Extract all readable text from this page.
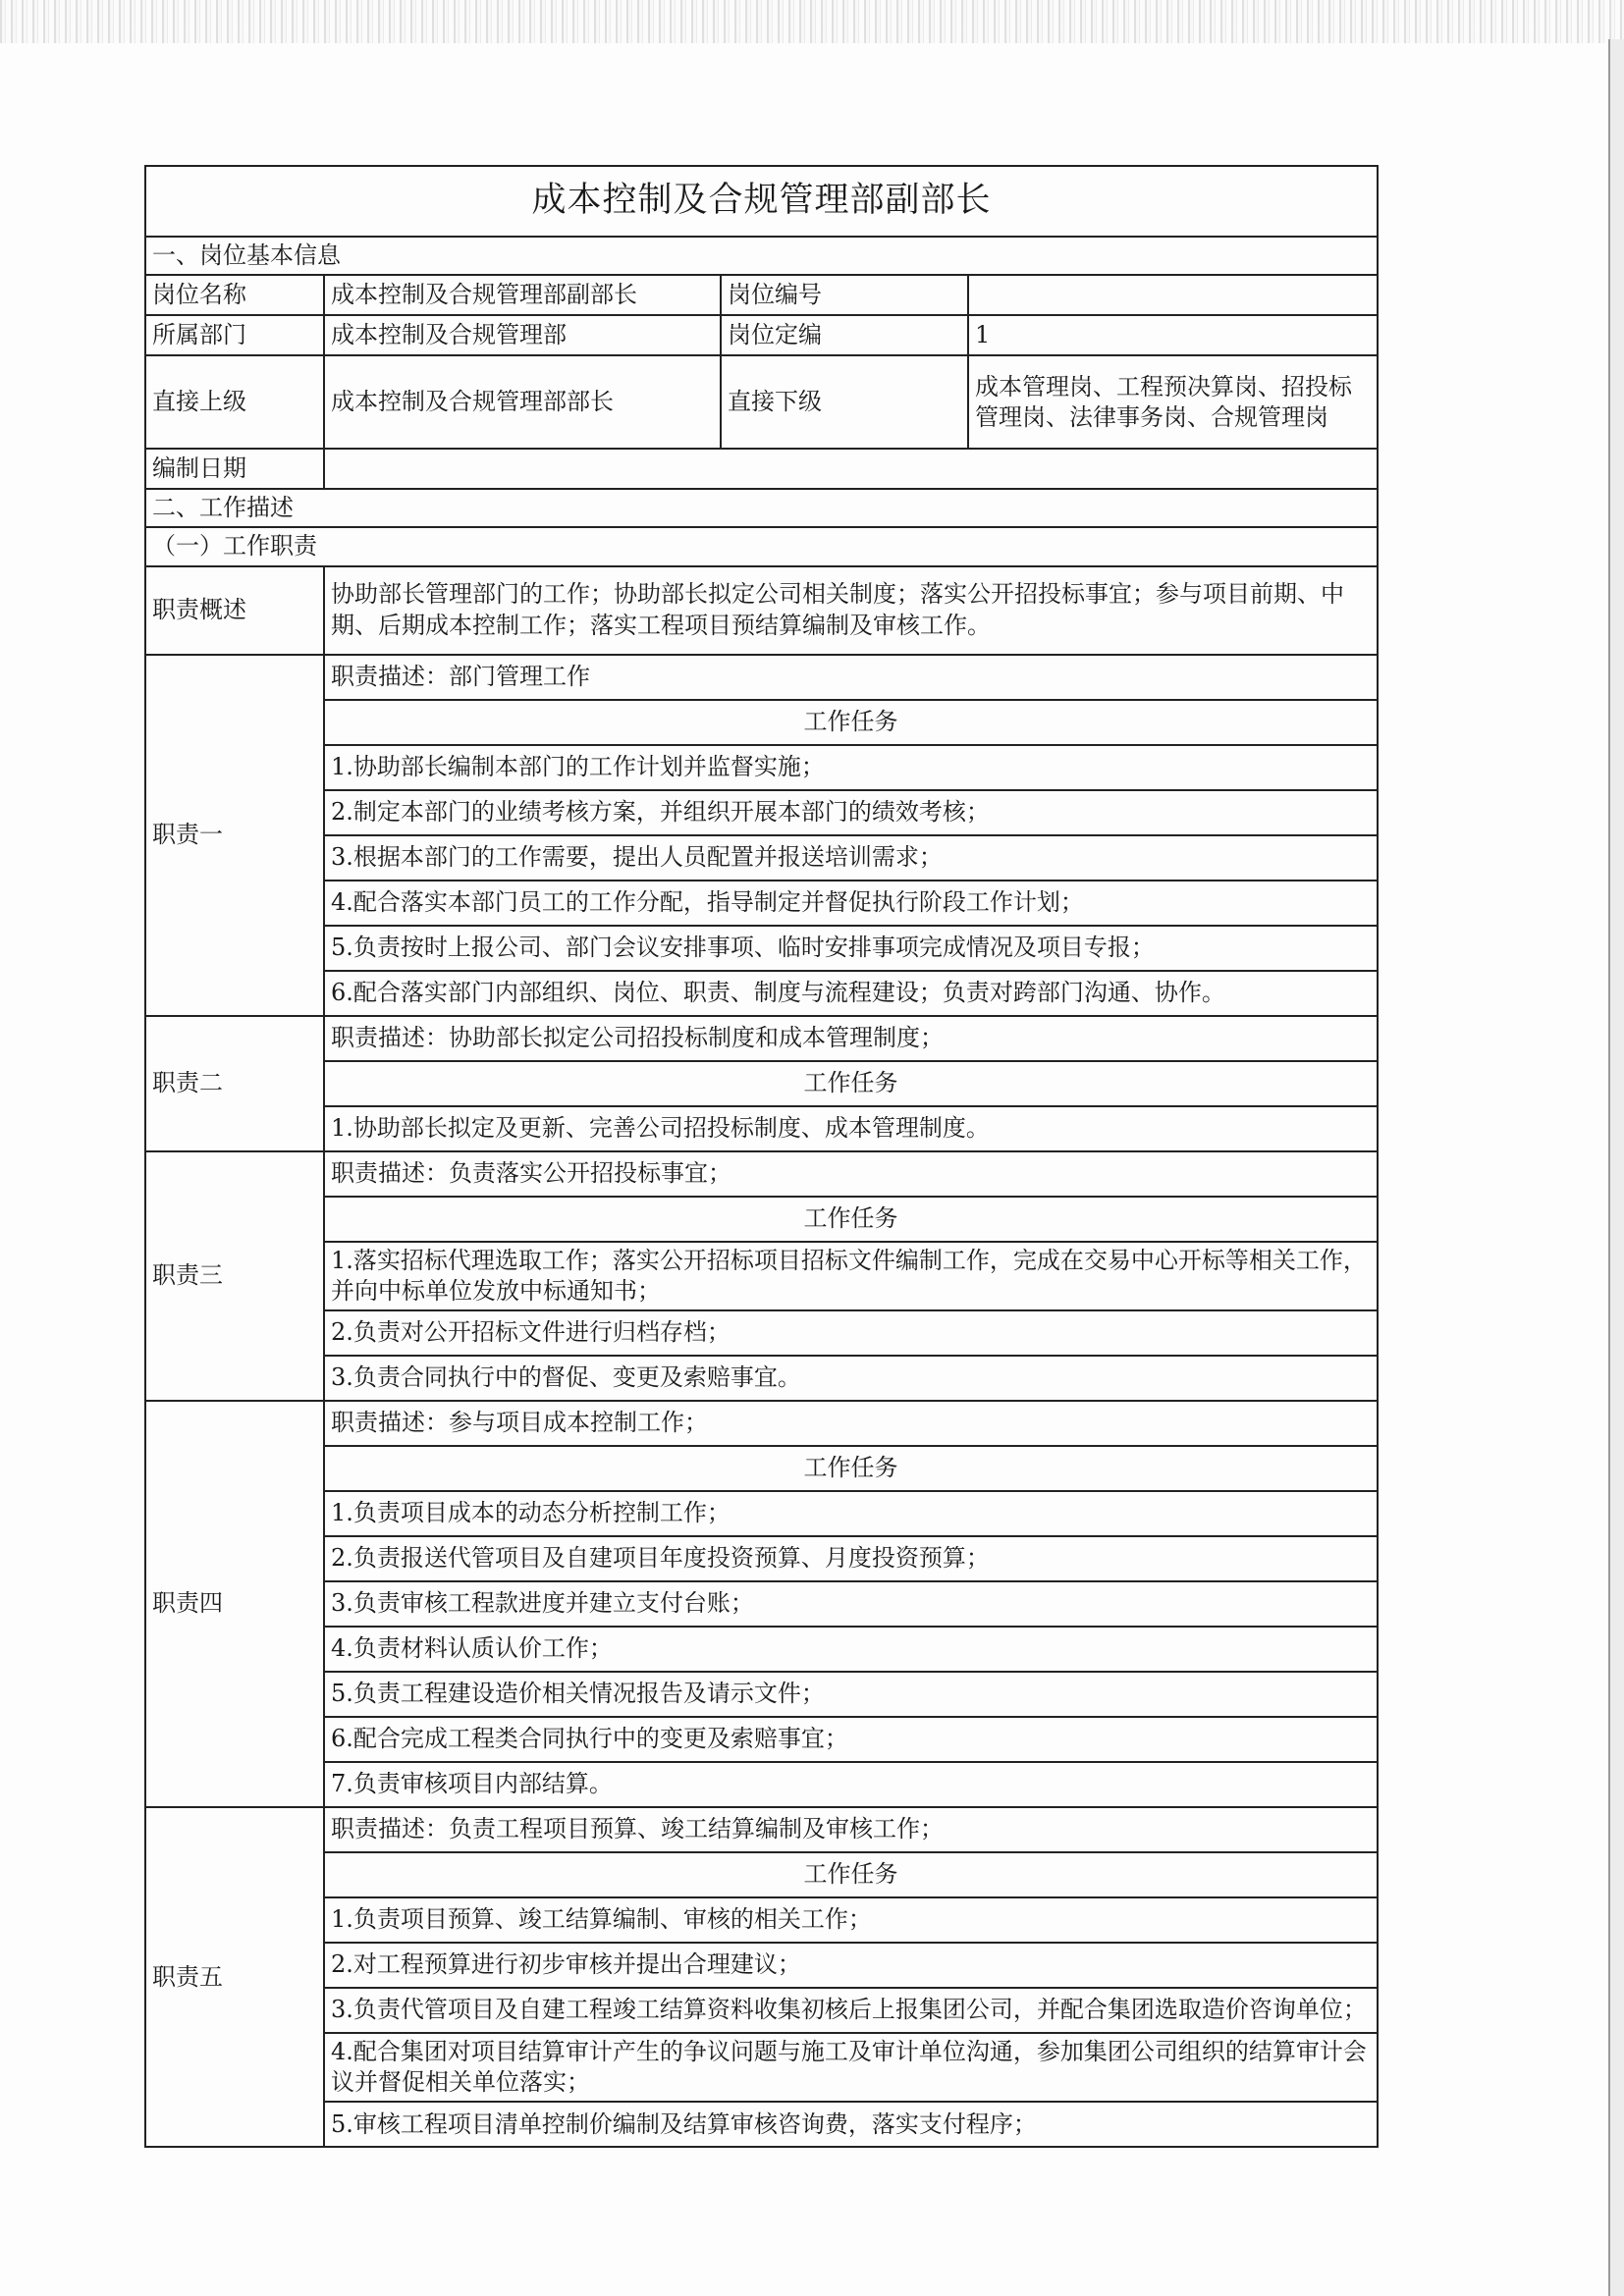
成本控制及合规管理部副部长			
一、岗位基本信息			
岗位名称	成本控制及合规管理部副部长	岗位编号	
所属部门	成本控制及合规管理部	岗位定编	1
直接上级	成本控制及合规管理部部长	直接下级	成本管理岗、工程预决算岗、招投标管理岗、法律事务岗、合规管理岗
编制日期			
二、工作描述			
（一）工作职责			
职责概述	协助部长管理部门的工作；协助部长拟定公司相关制度；落实公开招投标事宜；参与项目前期、中期、后期成本控制工作；落实工程项目预结算编制及审核工作。		
职责一	职责描述：部门管理工作		
	工作任务		
	1.协助部长编制本部门的工作计划并监督实施；		
	2.制定本部门的业绩考核方案，并组织开展本部门的绩效考核；		
	3.根据本部门的工作需要，提出人员配置并报送培训需求；		
	4.配合落实本部门员工的工作分配，指导制定并督促执行阶段工作计划；		
	5.负责按时上报公司、部门会议安排事项、临时安排事项完成情况及项目专报；		
	6.配合落实部门内部组织、岗位、职责、制度与流程建设；负责对跨部门沟通、协作。		
职责二	职责描述：协助部长拟定公司招投标制度和成本管理制度；		
	工作任务		
	1.协助部长拟定及更新、完善公司招投标制度、成本管理制度。		
职责三	职责描述：负责落实公开招投标事宜；		
	工作任务		
	1.落实招标代理选取工作；落实公开招标项目招标文件编制工作，完成在交易中心开标等相关工作，并向中标单位发放中标通知书；		
	2.负责对公开招标文件进行归档存档；		
	3.负责合同执行中的督促、变更及索赔事宜。		
职责四	职责描述：参与项目成本控制工作；		
	工作任务		
	1.负责项目成本的动态分析控制工作；		
	2.负责报送代管项目及自建项目年度投资预算、月度投资预算；		
	3.负责审核工程款进度并建立支付台账；		
	4.负责材料认质认价工作；		
	5.负责工程建设造价相关情况报告及请示文件；		
	6.配合完成工程类合同执行中的变更及索赔事宜；		
	7.负责审核项目内部结算。		
职责五	职责描述：负责工程项目预算、竣工结算编制及审核工作；		
	工作任务		
	1.负责项目预算、竣工结算编制、审核的相关工作；		
	2.对工程预算进行初步审核并提出合理建议；		
	3.负责代管项目及自建工程竣工结算资料收集初核后上报集团公司，并配合集团选取造价咨询单位；		
	4.配合集团对项目结算审计产生的争议问题与施工及审计单位沟通，参加集团公司组织的结算审计会议并督促相关单位落实；		
	5.审核工程项目清单控制价编制及结算审核咨询费，落实支付程序；		
